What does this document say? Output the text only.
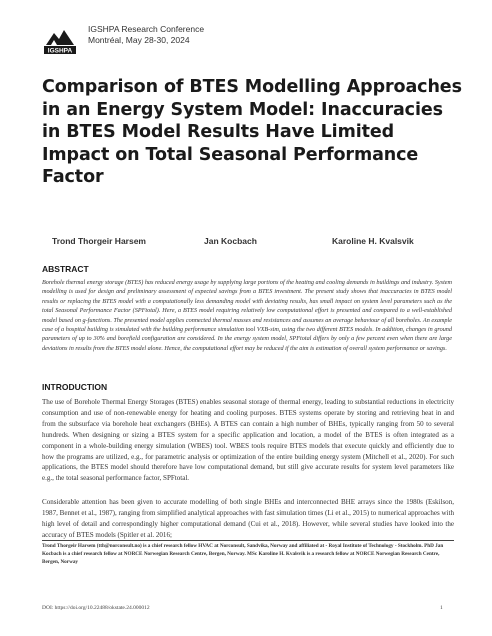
IGSHPA
IGSHPA Research Conference
Montréal, May 28-30, 2024
Comparison of BTES Modelling Approaches in an Energy System Model: Inaccuracies in BTES Model Results Have Limited Impact on Total Seasonal Performance Factor
Trond Thorgeir Harsem	Jan Kocbach	Karoline H. Kvalsvik
ABSTRACT

Borehole thermal energy storage (BTES) has reduced energy usage by supplying large portions of the heating and cooling demands in buildings and industry. System modelling is used for design and preliminary assessment of expected savings from a BTES investment. The present study shows that inaccuracies in BTES model results or replacing the BTES model with a computationally less demanding model with deviating results, has small impact on system level parameters such as the total Seasonal Performance Factor (SPFtotal). Here, a BTES model requiring relatively low computational effort is presented and compared to a well-established model based on g-functions. The presented model applies connected thermal masses and resistances and assumes an average behaviour of all boreholes. An example case of a hospital building is simulated with the building performance simulation tool VXB-sim, using the two different BTES models. In addition, changes in ground parameters of up to 30% and borefield configuration are considered. In the energy system model, SPFtotal differs by only a few percent even when there are large deviations in results from the BTES model alone. Hence, the computational effort may be reduced if the aim is estimation of overall system performance or savings.

INTRODUCTION

The use of Borehole Thermal Energy Storages (BTES) enables seasonal storage of thermal energy, leading to substantial reductions in electricity consumption and use of non-renewable energy for heating and cooling purposes. BTES systems operate by storing and retrieving heat in and from the subsurface via borehole heat exchangers (BHEs). A BTES can contain a high number of BHEs, typically ranging from 50 to several hundreds. When designing or sizing a BTES system for a specific application and location, a model of the BTES is often integrated as a component in a whole-building energy simulation (WBES) tool. WBES tools require BTES models that execute quickly and efficiently due to how the programs are utilized, e.g., for parametric analysis or optimization of the entire building energy system (Mitchell et al., 2020). For such applications, the BTES model should therefore have low computational demand, but still give accurate results for system level parameters like e.g., the total seasonal performance factor, SPFtotal.

Considerable attention has been given to accurate modelling of both single BHEs and interconnected BHE arrays since the 1980s (Eskilson, 1987, Bennet et al., 1987), ranging from simplified analytical approaches with fast simulation times (Li et al., 2015) to numerical approaches with high level of detail and correspondingly higher computational demand (Cui et al., 2018). However, while several studies have looked into the accuracy of BTES models (Spitler et al. 2016;

Trond Thorgeir Harsem (tth@norconsult.no) is a chief research fellow HVAC at Norconsult, Sandvika, Norway and affiliated at - Royal Institute of Technology - Stockholm. PhD Jan Kocbach is a chief research fellow at NORCE Norwegian Research Centre, Bergen, Norway. MSc Karoline H. Kvalsvik is a research fellow at NORCE Norwegian Research Centre, Bergen, Norway

DOI: https://doi.org/10.22488/okstate.24.000012	1
